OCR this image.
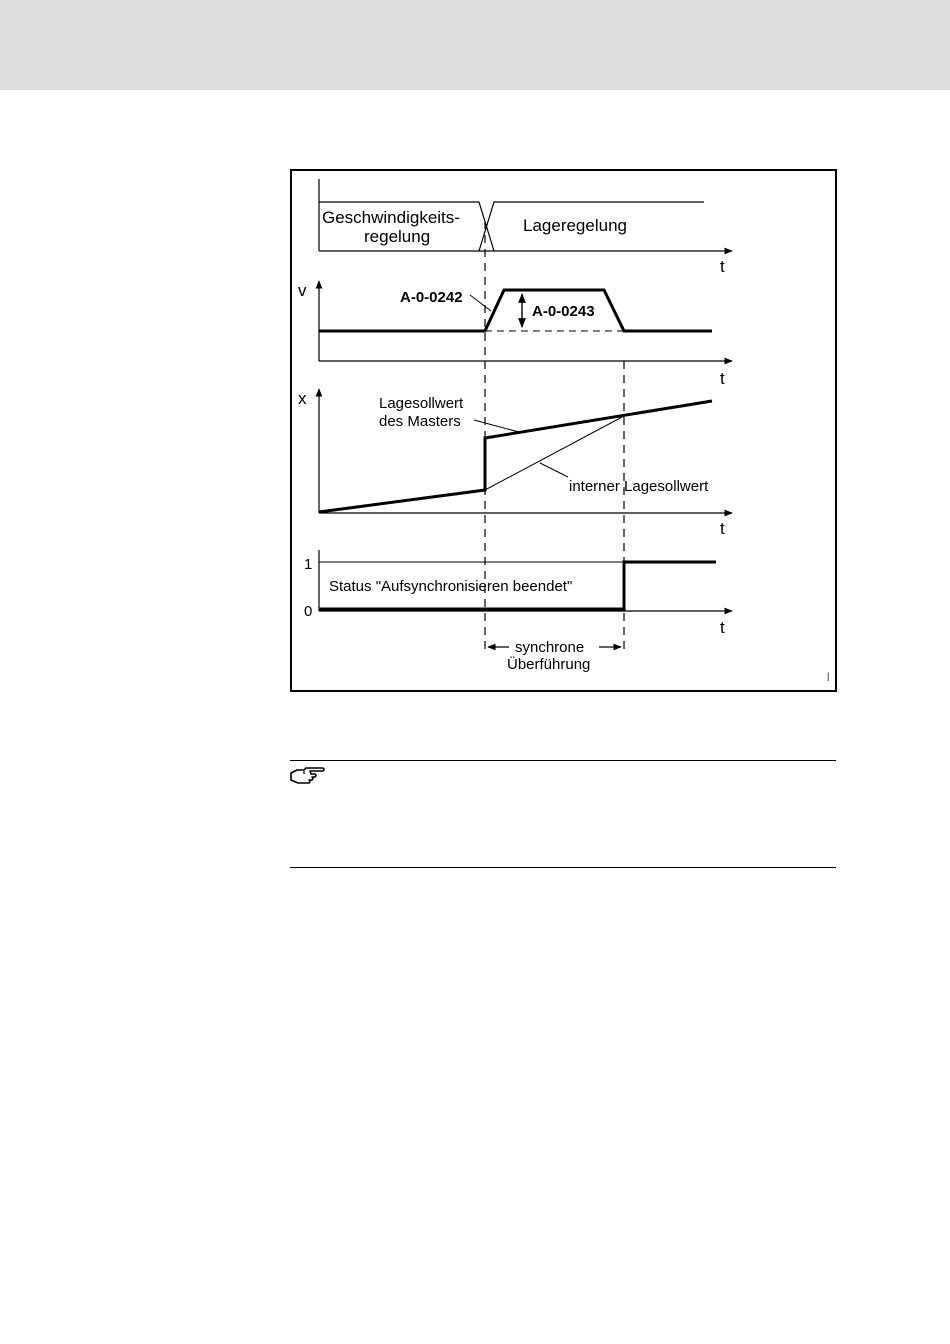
Geschwindigkeits-
regelung
Lageregelung
t
v	A-0-0242
A-0-0243
t
x	Lagesollwert
des Masters
interner Lagesollwert
t
1
0
Status "Aufsynchronisieren beendet"
t
synchrone
Überführung
|
